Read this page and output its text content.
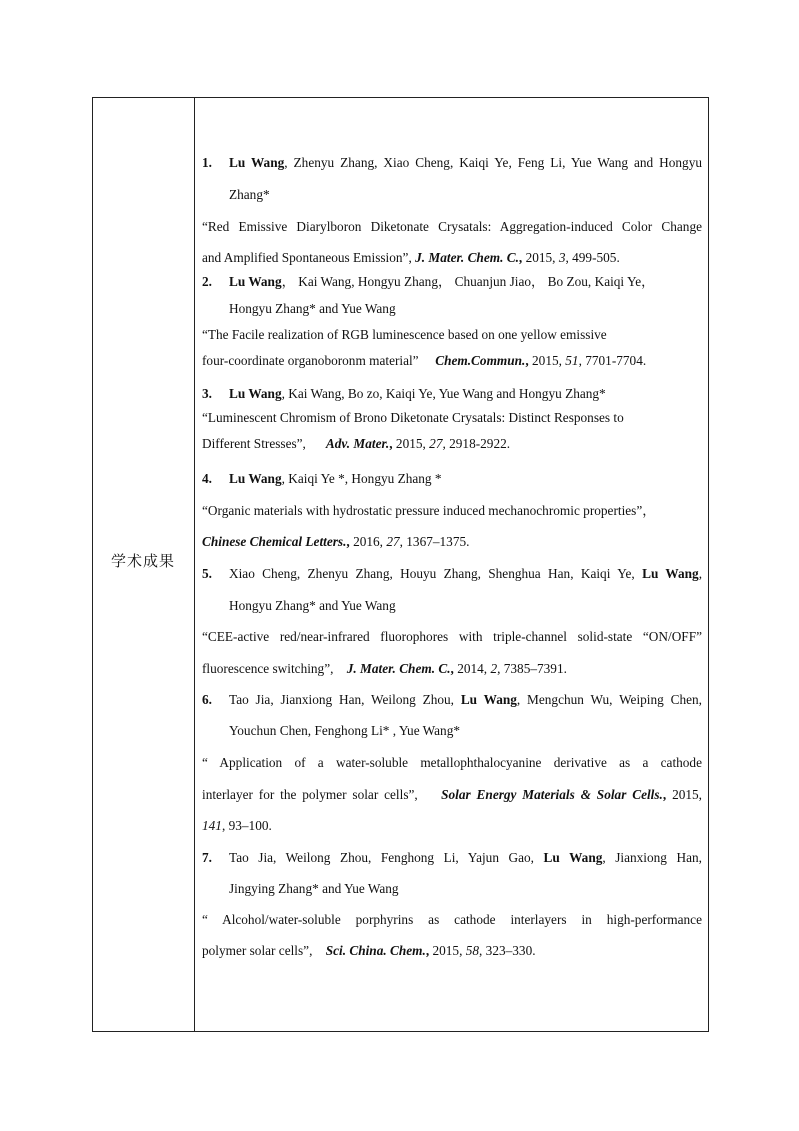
学术成果
1. Lu Wang, Zhenyu Zhang, Xiao Cheng, Kaiqi Ye, Feng Li, Yue Wang and Hongyu
Zhang*
“Red Emissive Diarylboron Diketonate Crysatals: Aggregation-induced Color Change
and Amplified Spontaneous Emission”, J. Mater. Chem. C., 2015, 3, 499-505.
2. Lu Wang， Kai Wang, Hongyu Zhang， Chuanjun Jiao， Bo Zou, Kaiqi Ye，
Hongyu Zhang* and Yue Wang
“The Facile realization of RGB luminescence based on one yellow emissive
four-coordinate organoboronm material” Chem.Commun., 2015, 51, 7701-7704.
3. Lu Wang, Kai Wang, Bo zo, Kaiqi Ye, Yue Wang and Hongyu Zhang*
“Luminescent Chromism of Brono Diketonate Crysatals: Distinct Responses to
Different Stresses”, Adv. Mater., 2015, 27, 2918-2922.
4. Lu Wang, Kaiqi Ye *, Hongyu Zhang *
“Organic materials with hydrostatic pressure induced mechanochromic properties”，
Chinese Chemical Letters., 2016, 27, 1367–1375.
5. Xiao Cheng, Zhenyu Zhang, Houyu Zhang, Shenghua Han, Kaiqi Ye, Lu Wang,
Hongyu Zhang* and Yue Wang
“CEE-active red/near-infrared fluorophores with triple-channel solid-state “ON/OFF”
fluorescence switching”, J. Mater. Chem. C., 2014, 2, 7385–7391.
6. Tao Jia, Jianxiong Han, Weilong Zhou, Lu Wang, Mengchun Wu, Weiping Chen,
Youchun Chen, Fenghong Li* , Yue Wang*
“ Application of a water-soluble metallophthalocyanine derivative as a cathode
interlayer for the polymer solar cells”, Solar Energy Materials & Solar Cells., 2015,
141, 93–100.
7. Tao Jia, Weilong Zhou, Fenghong Li, Yajun Gao, Lu Wang, Jianxiong Han,
Jingying Zhang* and Yue Wang
“ Alcohol/water-soluble porphyrins as cathode interlayers in high-performance
polymer solar cells”, Sci. China. Chem., 2015, 58, 323–330.
